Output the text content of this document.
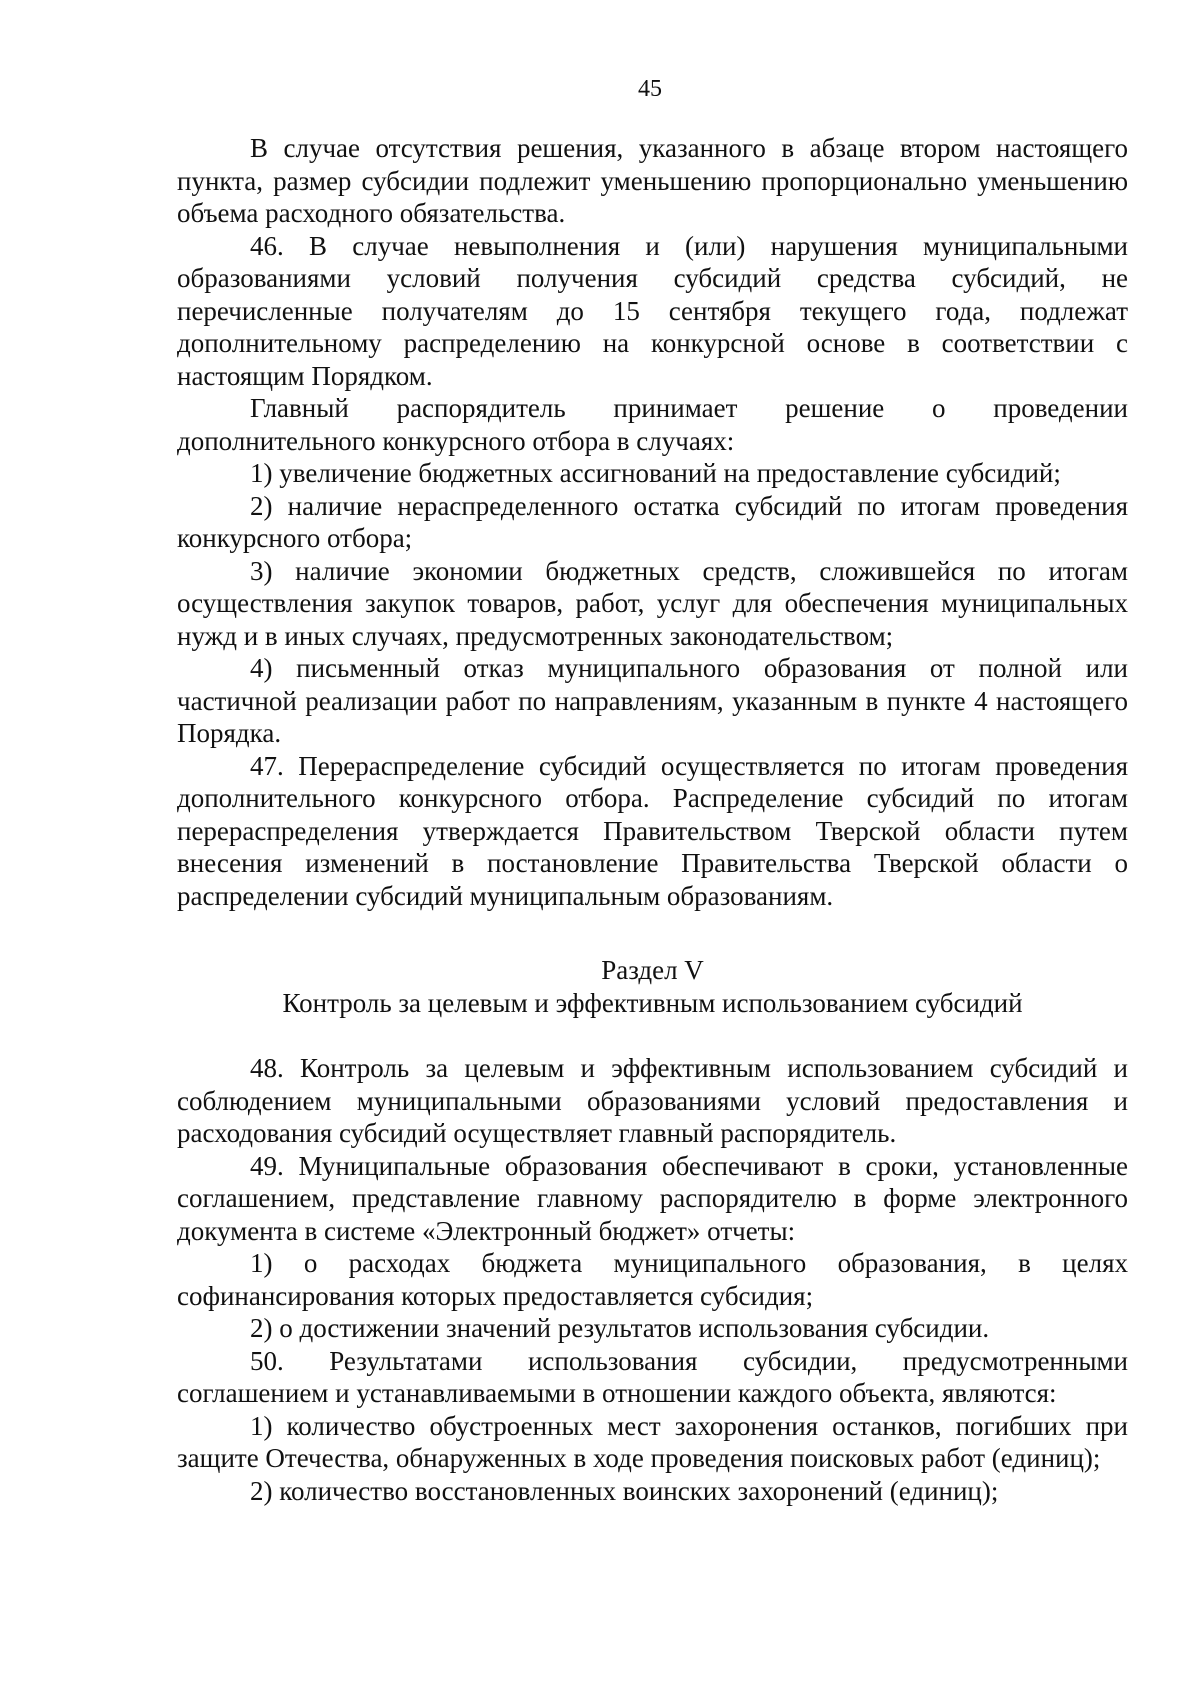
45

В случае отсутствия решения, указанного в абзаце втором настоящего пункта, размер субсидии подлежит уменьшению пропорционально уменьшению объема расходного обязательства.

46. В случае невыполнения и (или) нарушения муниципальными образованиями условий получения субсидий средства субсидий, не перечисленные получателям до 15 сентября текущего года, подлежат дополнительному распределению на конкурсной основе в соответствии с настоящим Порядком.

Главный распорядитель принимает решение о проведении дополнительного конкурсного отбора в случаях:

1) увеличение бюджетных ассигнований на предоставление субсидий;

2) наличие нераспределенного остатка субсидий по итогам проведения конкурсного отбора;

3) наличие экономии бюджетных средств, сложившейся по итогам осуществления закупок товаров, работ, услуг для обеспечения муниципальных нужд и в иных случаях, предусмотренных законодательством;

4) письменный отказ муниципального образования от полной или частичной реализации работ по направлениям, указанным в пункте 4 настоящего Порядка.

47. Перераспределение субсидий осуществляется по итогам проведения дополнительного конкурсного отбора. Распределение субсидий по итогам перераспределения утверждается Правительством Тверской области путем внесения изменений в постановление Правительства Тверской области о распределении субсидий муниципальным образованиям.

Раздел V

Контроль за целевым и эффективным использованием субсидий

48. Контроль за целевым и эффективным использованием субсидий и соблюдением муниципальными образованиями условий предоставления и расходования субсидий осуществляет главный распорядитель.

49. Муниципальные образования обеспечивают в сроки, установленные соглашением, представление главному распорядителю в форме электронного документа в системе «Электронный бюджет» отчеты:

1) о расходах бюджета муниципального образования, в целях софинансирования которых предоставляется субсидия;

2) о достижении значений результатов использования субсидии.

50. Результатами использования субсидии, предусмотренными соглашением и устанавливаемыми в отношении каждого объекта, являются:

1) количество обустроенных мест захоронения останков, погибших при защите Отечества, обнаруженных в ходе проведения поисковых работ (единиц);

2) количество восстановленных воинских захоронений (единиц);
